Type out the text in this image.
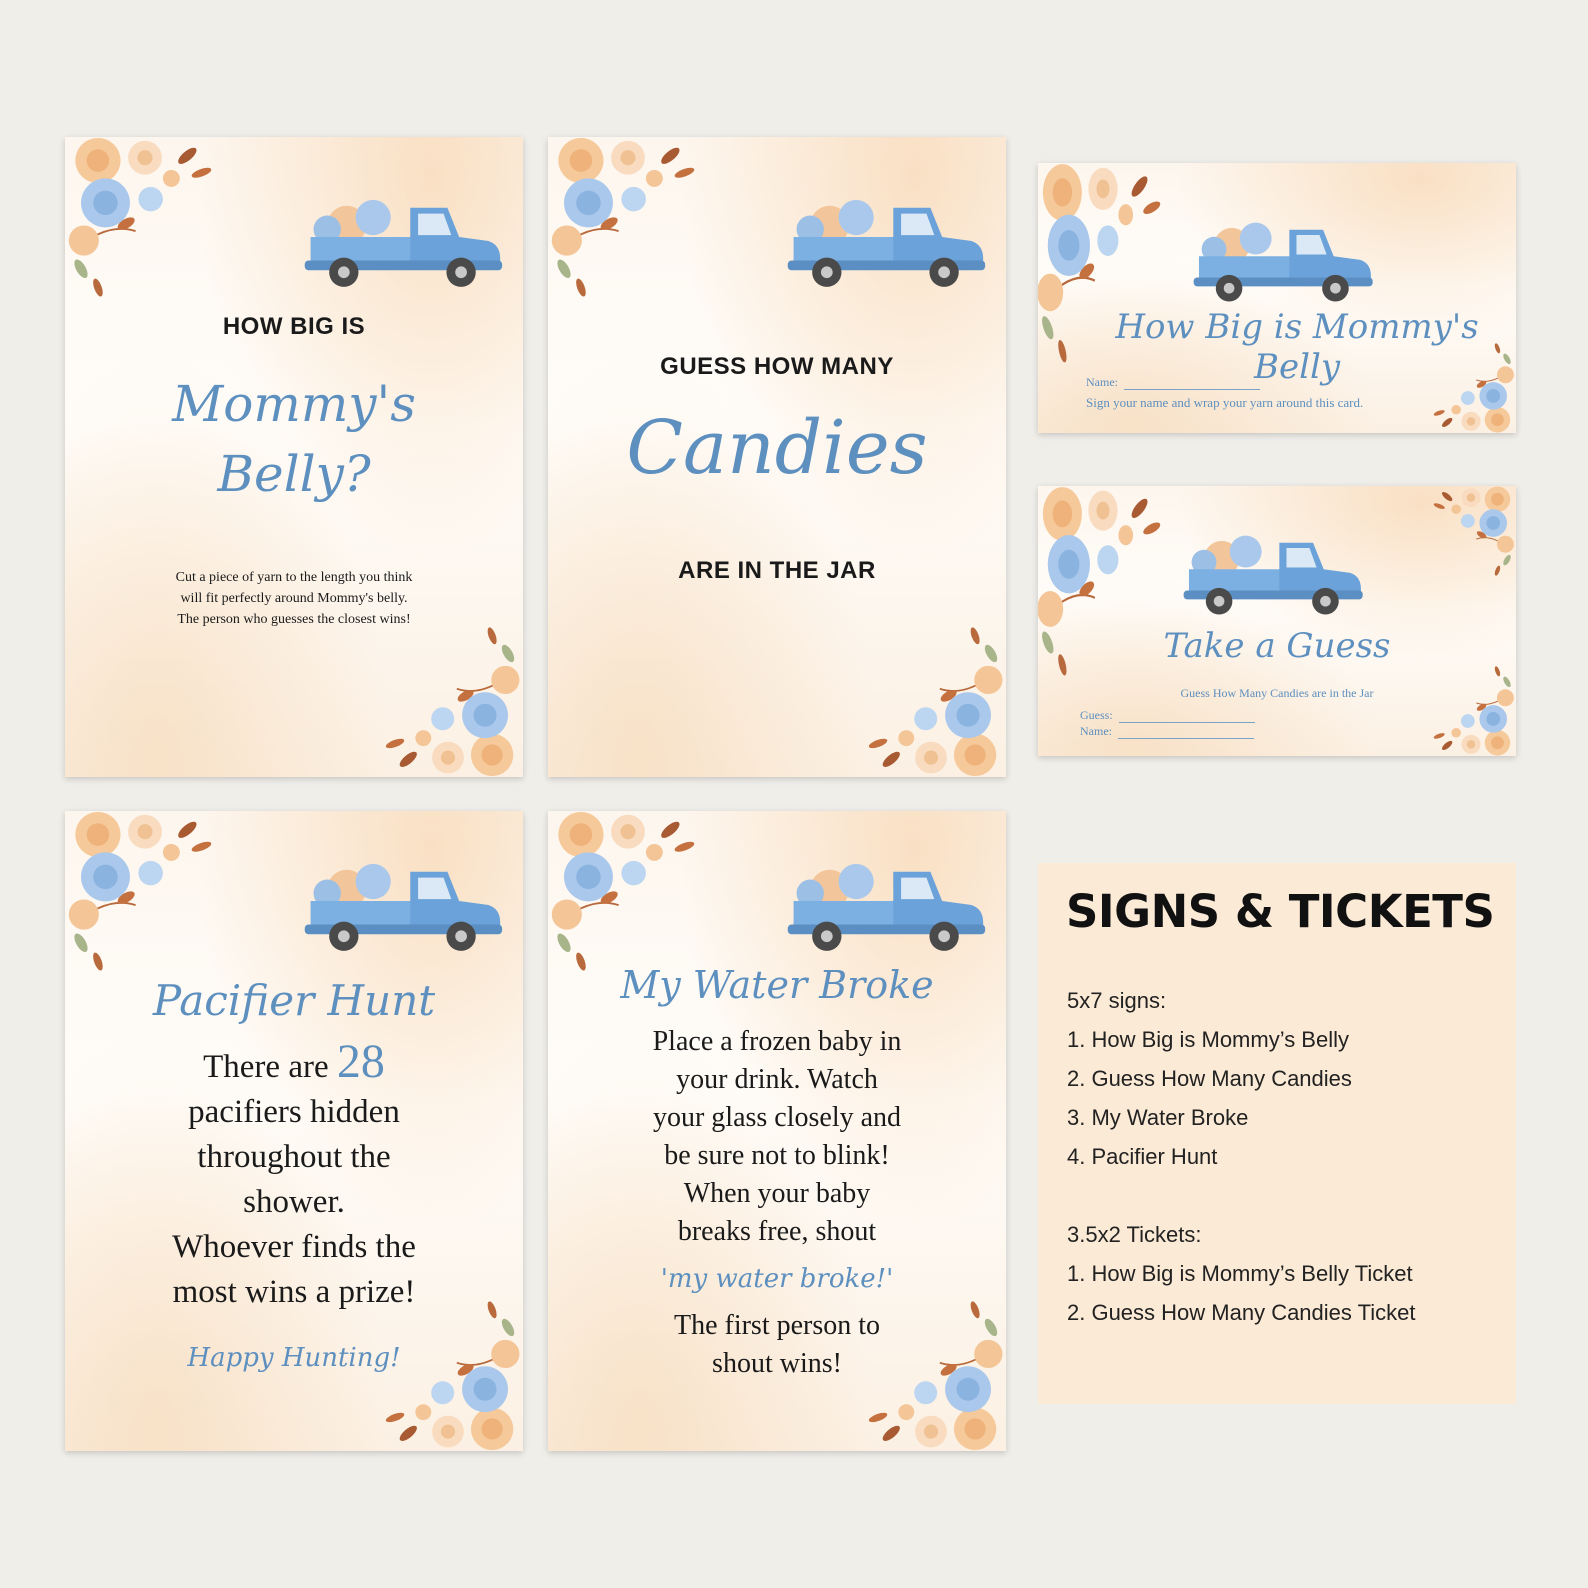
HOW BIG IS
Mommy's
Belly?
Cut a piece of yarn to the length you think
will fit perfectly around Mommy's belly.
The person who guesses the closest wins!
GUESS HOW MANY
Candies
ARE IN THE JAR
How Big is Mommy's Belly
Name:
Sign your name and wrap your yarn around this card.
Take a Guess
Guess How Many Candies are in the Jar
Guess:
Name:
Pacifier Hunt
There are 28
pacifiers hidden
throughout the
shower.
Whoever finds the
most wins a prize!
Happy Hunting!
My Water Broke
Place a frozen baby in
your drink. Watch
your glass closely and
be sure not to blink!
When your baby
breaks free, shout
'my water broke!'
The first person to
shout wins!
SIGNS & TICKETS
5x7 signs:
1. How Big is Mommy’s Belly
2. Guess How Many Candies
3. My Water Broke
4. Pacifier Hunt
3.5x2 Tickets:
1. How Big is Mommy’s Belly Ticket
2. Guess How Many Candies Ticket
